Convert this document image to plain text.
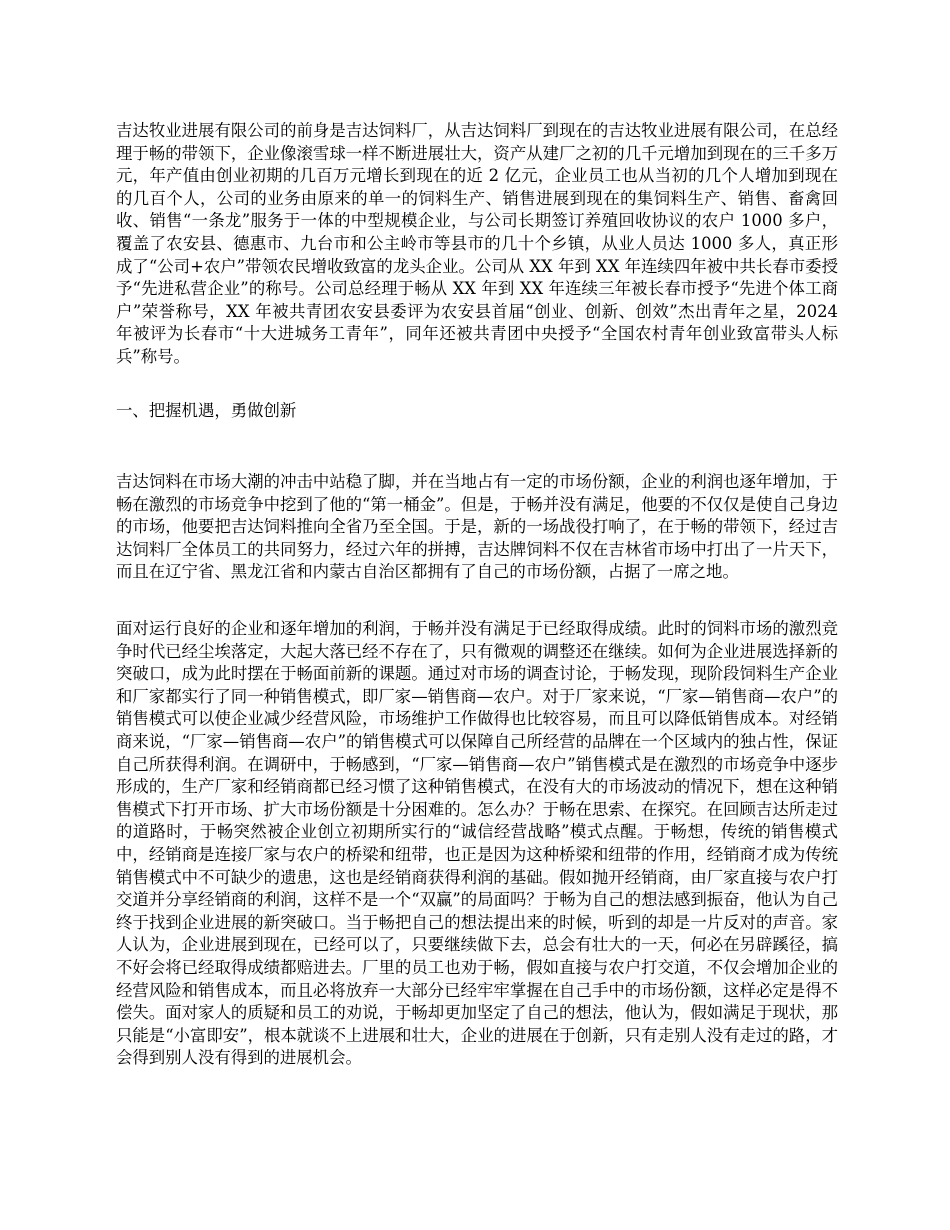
吉达牧业进展有限公司的前身是吉达饲料厂，从吉达饲料厂到现在的吉达牧业进展有限公司，在总经理于畅的带领下，企业像滚雪球一样不断进展壮大，资产从建厂之初的几千元增加到现在的三千多万元，年产值由创业初期的几百万元增长到现在的近 2 亿元，企业员工也从当初的几个人增加到现在的几百个人，公司的业务由原来的单一的饲料生产、销售进展到现在的集饲料生产、销售、畜禽回收、销售“一条龙”服务于一体的中型规模企业，与公司长期签订养殖回收协议的农户 1000 多户，覆盖了农安县、德惠市、九台市和公主岭市等县市的几十个乡镇，从业人员达 1000 多人，真正形成了“公司+农户”带领农民增收致富的龙头企业。公司从 XX 年到 XX 年连续四年被中共长春市委授予“先进私营企业”的称号。公司总经理于畅从 XX 年到 XX 年连续三年被长春市授予“先进个体工商户”荣誉称号，XX 年被共青团农安县委评为农安县首届“创业、创新、创效”杰出青年之星，2024 年被评为长春市“十大进城务工青年”，同年还被共青团中央授予“全国农村青年创业致富带头人标兵”称号。

一、把握机遇，勇做创新

吉达饲料在市场大潮的冲击中站稳了脚，并在当地占有一定的市场份额，企业的利润也逐年增加，于畅在激烈的市场竞争中挖到了他的“第一桶金”。但是，于畅并没有满足，他要的不仅仅是使自己身边的市场，他要把吉达饲料推向全省乃至全国。于是，新的一场战役打响了，在于畅的带领下，经过吉达饲料厂全体员工的共同努力，经过六年的拼搏，吉达牌饲料不仅在吉林省市场中打出了一片天下，而且在辽宁省、黑龙江省和内蒙古自治区都拥有了自己的市场份额，占据了一席之地。

面对运行良好的企业和逐年增加的利润，于畅并没有满足于已经取得成绩。此时的饲料市场的激烈竞争时代已经尘埃落定，大起大落已经不存在了，只有微观的调整还在继续。如何为企业进展选择新的突破口，成为此时摆在于畅面前新的课题。通过对市场的调查讨论，于畅发现，现阶段饲料生产企业和厂家都实行了同一种销售模式，即厂家—销售商—农户。对于厂家来说，“厂家—销售商—农户”的销售模式可以使企业减少经营风险，市场维护工作做得也比较容易，而且可以降低销售成本。对经销商来说，“厂家—销售商—农户”的销售模式可以保障自己所经营的品牌在一个区域内的独占性，保证自己所获得利润。在调研中，于畅感到，“厂家—销售商—农户”销售模式是在激烈的市场竞争中逐步形成的，生产厂家和经销商都已经习惯了这种销售模式，在没有大的市场波动的情况下，想在这种销售模式下打开市场、扩大市场份额是十分困难的。怎么办？于畅在思索、在探究。在回顾吉达所走过的道路时，于畅突然被企业创立初期所实行的“诚信经营战略”模式点醒。于畅想，传统的销售模式中，经销商是连接厂家与农户的桥梁和纽带，也正是因为这种桥梁和纽带的作用，经销商才成为传统销售模式中不可缺少的遗患，这也是经销商获得利润的基础。假如抛开经销商，由厂家直接与农户打交道并分享经销商的利润，这样不是一个“双赢”的局面吗？于畅为自己的想法感到振奋，他认为自己终于找到企业进展的新突破口。当于畅把自己的想法提出来的时候，听到的却是一片反对的声音。家人认为，企业进展到现在，已经可以了，只要继续做下去，总会有壮大的一天，何必在另辟蹊径，搞不好会将已经取得成绩都赔进去。厂里的员工也劝于畅，假如直接与农户打交道，不仅会增加企业的经营风险和销售成本，而且必将放弃一大部分已经牢牢掌握在自己手中的市场份额，这样必定是得不偿失。面对家人的质疑和员工的劝说，于畅却更加坚定了自己的想法，他认为，假如满足于现状，那只能是“小富即安”，根本就谈不上进展和壮大，企业的进展在于创新，只有走别人没有走过的路，才会得到别人没有得到的进展机会。
